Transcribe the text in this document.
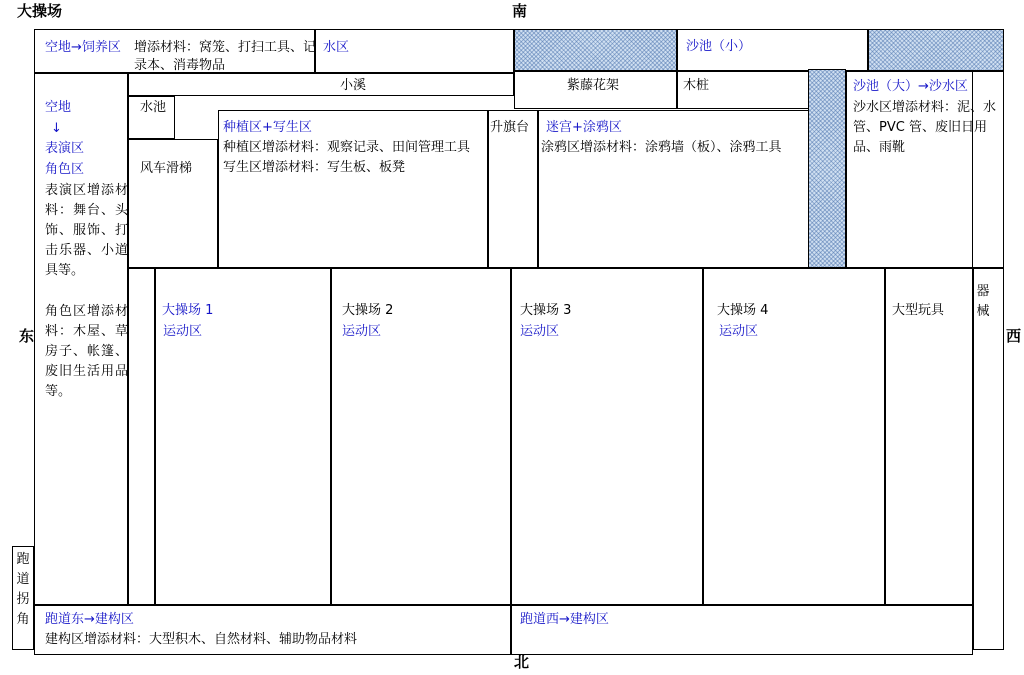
大操场	南
北
东	西
空地→饲养区 增添材料：窝笼、打扫工具、记录本、消毒物品
水区	沙池（小）
小溪	紫藤花架	木桩	沙池（大）→沙水区
沙水区增添材料：泥、水管、PVC 管、废旧日用品、雨靴
水池
风车滑梯
种植区+写生区
种植区增添材料：观察记录、田间管理工具
写生区增添材料：写生板、板凳
升旗台 迷宫+涂鸦区
涂鸦区增添材料：涂鸦墙（板）、涂鸦工具
空地
↓
表演区
角色区
表演区增添材料：舞台、头饰、服饰、打击乐器、小道具等。
角色区增添材料：木屋、草房子、帐篷、废旧生活用品等。
大操场 1
运动区
大操场 2
运动区
大操场 3
运动区
大操场 4
运动区
大型玩具
器械
跑道拐角 跑道东→建构区
建构区增添材料：大型积木、自然材料、辅助物品材料
跑道西→建构区
